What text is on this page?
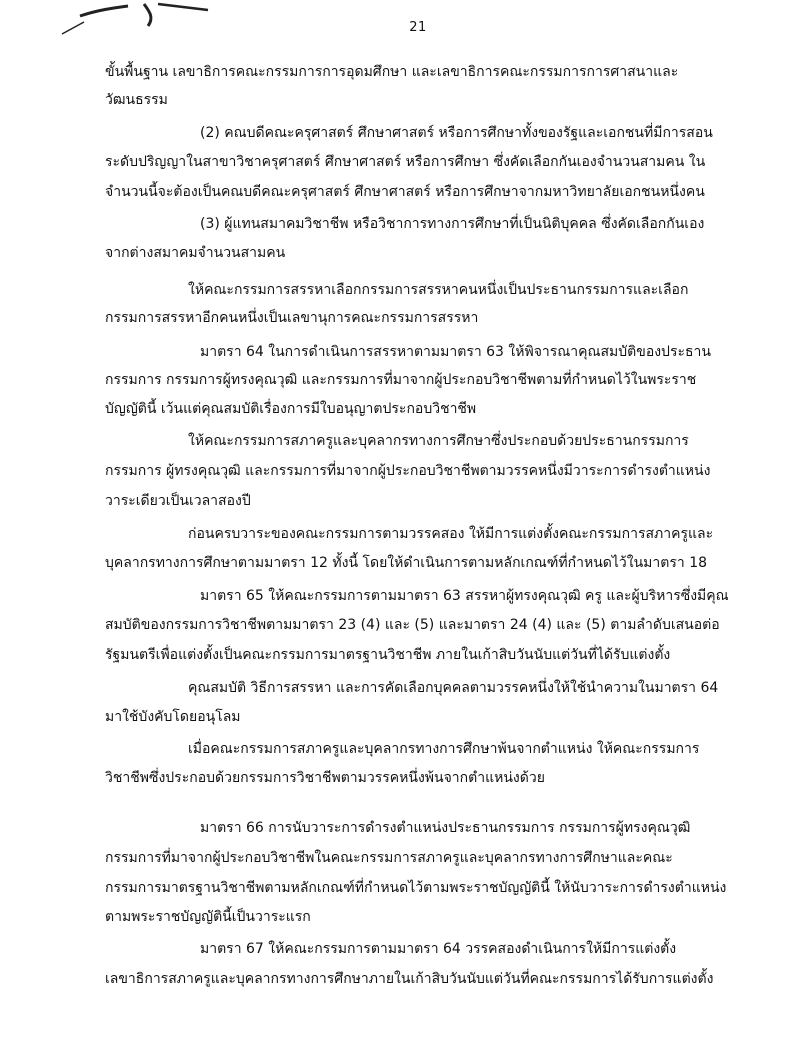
21
ขั้นพื้นฐาน เลขาธิการคณะกรรมการการอุดมศึกษา และเลขาธิการคณะกรรมการการศาสนาและ
วัฒนธรรม
(2) คณบดีคณะครุศาสตร์ ศึกษาศาสตร์ หรือการศึกษาทั้งของรัฐและเอกชนที่มีการสอน
ระดับปริญญาในสาขาวิชาครุศาสตร์ ศึกษาศาสตร์ หรือการศึกษา ซึ่งคัดเลือกกันเองจำนวนสามคน ใน
จำนวนนี้จะต้องเป็นคณบดีคณะครุศาสตร์ ศึกษาศาสตร์ หรือการศึกษาจากมหาวิทยาลัยเอกชนหนึ่งคน
(3) ผู้แทนสมาคมวิชาชีพ หรือวิชาการทางการศึกษาที่เป็นนิติบุคคล ซึ่งคัดเลือกกันเอง
จากต่างสมาคมจำนวนสามคน
ให้คณะกรรมการสรรหาเลือกกรรมการสรรหาคนหนึ่งเป็นประธานกรรมการและเลือก
กรรมการสรรหาอีกคนหนึ่งเป็นเลขานุการคณะกรรมการสรรหา
มาตรา 64 ในการดำเนินการสรรหาตามมาตรา 63 ให้พิจารณาคุณสมบัติของประธาน
กรรมการ กรรมการผู้ทรงคุณวุฒิ และกรรมการที่มาจากผู้ประกอบวิชาชีพตามที่กำหนดไว้ในพระราช
บัญญัตินี้ เว้นแต่คุณสมบัติเรื่องการมีใบอนุญาตประกอบวิชาชีพ
ให้คณะกรรมการสภาครูและบุคลากรทางการศึกษาซึ่งประกอบด้วยประธานกรรมการ
กรรมการ ผู้ทรงคุณวุฒิ และกรรมการที่มาจากผู้ประกอบวิชาชีพตามวรรคหนึ่งมีวาระการดำรงตำแหน่ง
วาระเดียวเป็นเวลาสองปี
ก่อนครบวาระของคณะกรรมการตามวรรคสอง ให้มีการแต่งตั้งคณะกรรมการสภาครูและ
บุคลากรทางการศึกษาตามมาตรา 12 ทั้งนี้ โดยให้ดำเนินการตามหลักเกณฑ์ที่กำหนดไว้ในมาตรา 18
มาตรา 65 ให้คณะกรรมการตามมาตรา 63 สรรหาผู้ทรงคุณวุฒิ ครู และผู้บริหารซึ่งมีคุณ
สมบัติของกรรมการวิชาชีพตามมาตรา 23 (4) และ (5) และมาตรา 24 (4) และ (5) ตามลำดับเสนอต่อ
รัฐมนตรีเพื่อแต่งตั้งเป็นคณะกรรมการมาตรฐานวิชาชีพ ภายในเก้าสิบวันนับแต่วันที่ได้รับแต่งตั้ง
คุณสมบัติ วิธีการสรรหา และการคัดเลือกบุคคลตามวรรคหนึ่งให้ใช้นำความในมาตรา 64
มาใช้บังคับโดยอนุโลม
เมื่อคณะกรรมการสภาครูและบุคลากรทางการศึกษาพ้นจากตำแหน่ง ให้คณะกรรมการ
วิชาชีพซึ่งประกอบด้วยกรรมการวิชาชีพตามวรรคหนึ่งพ้นจากตำแหน่งด้วย
มาตรา 66 การนับวาระการดำรงตำแหน่งประธานกรรมการ กรรมการผู้ทรงคุณวุฒิ
กรรมการที่มาจากผู้ประกอบวิชาชีพในคณะกรรมการสภาครูและบุคลากรทางการศึกษาและคณะ
กรรมการมาตรฐานวิชาชีพตามหลักเกณฑ์ที่กำหนดไว้ตามพระราชบัญญัตินี้ ให้นับวาระการดำรงตำแหน่ง
ตามพระราชบัญญัตินี้เป็นวาระแรก
มาตรา 67 ให้คณะกรรมการตามมาตรา 64 วรรคสองดำเนินการให้มีการแต่งตั้ง
เลขาธิการสภาครูและบุคลากรทางการศึกษาภายในเก้าสิบวันนับแต่วันที่คณะกรรมการได้รับการแต่งตั้ง
